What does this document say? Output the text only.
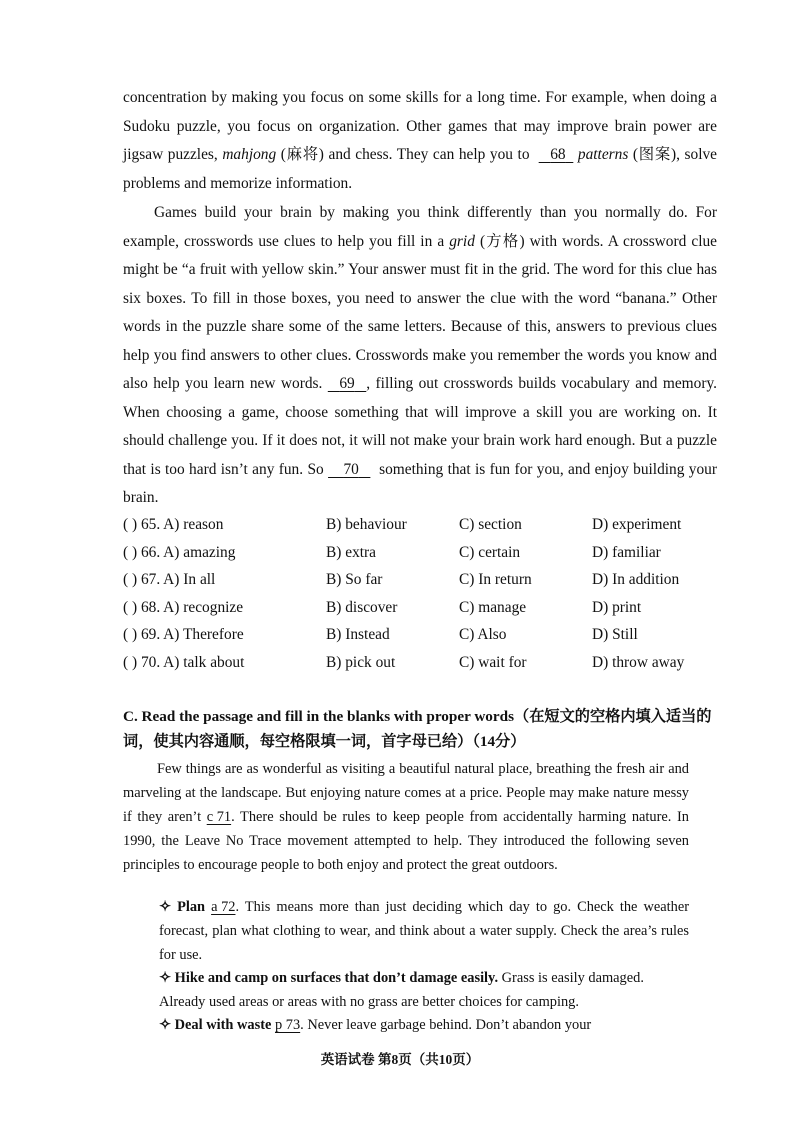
concentration by making you focus on some skills for a long time. For example, when doing a Sudoku puzzle, you focus on organization. Other games that may improve brain power are jigsaw puzzles, mahjong (麻将) and chess. They can help you to     68 patterns (图案), solve problems and memorize information.

Games build your brain by making you think differently than you normally do. For example, crosswords use clues to help you fill in a grid (方格) with words. A crossword clue might be “a fruit with yellow skin.” Your answer must fit in the grid. The word for this clue has six boxes. To fill in those boxes, you need to answer the clue with the word “banana.” Other words in the puzzle share some of the same letters. Because of this, answers to previous clues help you find answers to other clues. Crosswords make you remember the words you know and also help you learn new words.    69 , filling out crosswords builds vocabulary and memory. When choosing a game, choose something that will improve a skill you are working on. It should challenge you. If it does not, it will not make your brain work hard enough. But a puzzle that is too hard isn’t any fun. So     70     something that is fun for you, and enjoy building your brain.

( ) 65. A) reason	B) behaviour	C) section	D) experiment
( ) 66. A) amazing	B) extra	C) certain	D) familiar
( ) 67. A) In all	B) So far	C) In return	D) In addition
( ) 68. A) recognize	B) discover	C) manage	D) print
( ) 69. A) Therefore	B) Instead	C) Also	D) Still
( ) 70. A) talk about	B) pick out	C) wait for	D) throw away

C. Read the passage and fill in the blanks with proper words（在短文的空格内填入适当的词，使其内容通顺，每空格限填一词，首字母已给）（14分）

Few things are as wonderful as visiting a beautiful natural place, breathing the fresh air and marveling at the landscape. But enjoying nature comes at a price. People may make nature messy if they aren’t c 71. There should be rules to keep people from accidentally harming nature. In 1990, the Leave No Trace movement attempted to help. They introduced the following seven principles to encourage people to both enjoy and protect the great outdoors.

✧ Plan a 72. This means more than just deciding which day to go. Check the weather forecast, plan what clothing to wear, and think about a water supply. Check the area’s rules for use.

✧ Hike and camp on surfaces that don’t damage easily. Grass is easily damaged.

Already used areas or areas with no grass are better choices for camping.

✧ Deal with waste p 73. Never leave garbage behind. Don’t abandon your

英语试卷 第8页（共10页）
